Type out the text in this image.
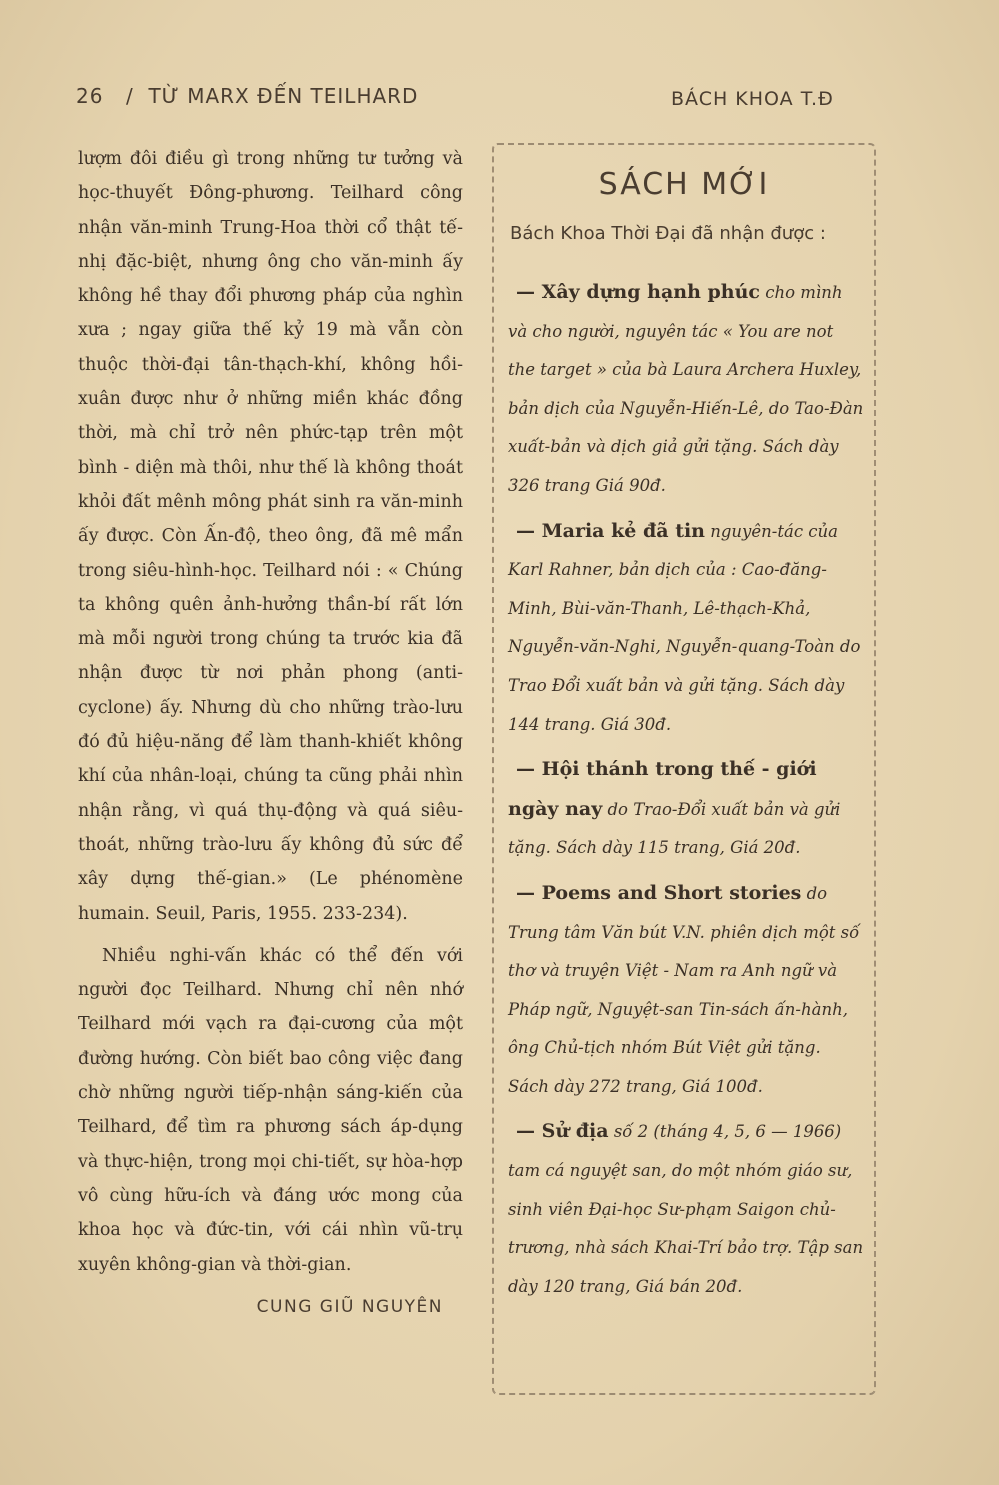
26 / TỪ MARX ĐẾN TEILHARD	BÁCH KHOA T.Đ

lượm đôi điều gì trong những tư tưởng và học-thuyết Đông-phương. Teilhard công nhận văn-minh Trung-Hoa thời cổ thật tế-nhị đặc-biệt, nhưng ông cho văn-minh ấy không hề thay đổi phương pháp của nghìn xưa ; ngay giữa thế kỷ 19 mà vẫn còn thuộc thời-đại tân-thạch-khí, không hồi-xuân được như ở những miền khác đồng thời, mà chỉ trở nên phức-tạp trên một bình - diện mà thôi, như thế là không thoát khỏi đất mênh mông phát sinh ra văn-minh ấy được. Còn Ấn-độ, theo ông, đã mê mẩn trong siêu-hình-học. Teilhard nói : « Chúng ta không quên ảnh-hưởng thần-bí rất lớn mà mỗi người trong chúng ta trước kia đã nhận được từ nơi phản phong (anti-cyclone) ấy. Nhưng dù cho những trào-lưu đó đủ hiệu-năng để làm thanh-khiết không khí của nhân-loại, chúng ta cũng phải nhìn nhận rằng, vì quá thụ-động và quá siêu-thoát, những trào-lưu ấy không đủ sức để xây dựng thế-gian.» (Le phénomène humain. Seuil, Paris, 1955. 233-234).

Nhiều nghi-vấn khác có thể đến với người đọc Teilhard. Nhưng chỉ nên nhớ Teilhard mới vạch ra đại-cương của một đường hướng. Còn biết bao công việc đang chờ những người tiếp-nhận sáng-kiến của Teilhard, để tìm ra phương sách áp-dụng và thực-hiện, trong mọi chi-tiết, sự hòa-hợp vô cùng hữu-ích và đáng ước mong của khoa học và đức-tin, với cái nhìn vũ-trụ xuyên không-gian và thời-gian.

CUNG GIŨ NGUYÊN
SÁCH MỚI
Bách Khoa Thời Đại đã nhận được :

— Xây dựng hạnh phúc cho mình và cho người, nguyên tác « You are not the target » của bà Laura Archera Huxley, bản dịch của Nguyễn-Hiến-Lê, do Tao-Đàn xuất-bản và dịch giả gửi tặng. Sách dày 326 trang Giá 90đ.

— Maria kẻ đã tin nguyên-tác của Karl Rahner, bản dịch của : Cao-đăng-Minh, Bùi-văn-Thanh, Lê-thạch-Khả, Nguyễn-văn-Nghi, Nguyễn-quang-Toàn do Trao Đổi xuất bản và gửi tặng. Sách dày 144 trang. Giá 30đ.

— Hội thánh trong thế - giới ngày nay do Trao-Đổi xuất bản và gửi tặng. Sách dày 115 trang, Giá 20đ.

— Poems and Short stories do Trung tâm Văn bút V.N. phiên dịch một số thơ và truyện Việt - Nam ra Anh ngữ và Pháp ngữ, Nguyệt-san Tin-sách ấn-hành, ông Chủ-tịch nhóm Bút Việt gửi tặng. Sách dày 272 trang, Giá 100đ.

— Sử địa số 2 (tháng 4, 5, 6 — 1966) tam cá nguyệt san, do một nhóm giáo sư, sinh viên Đại-học Sư-phạm Saigon chủ-trương, nhà sách Khai-Trí bảo trợ. Tập san dày 120 trang, Giá bán 20đ.
